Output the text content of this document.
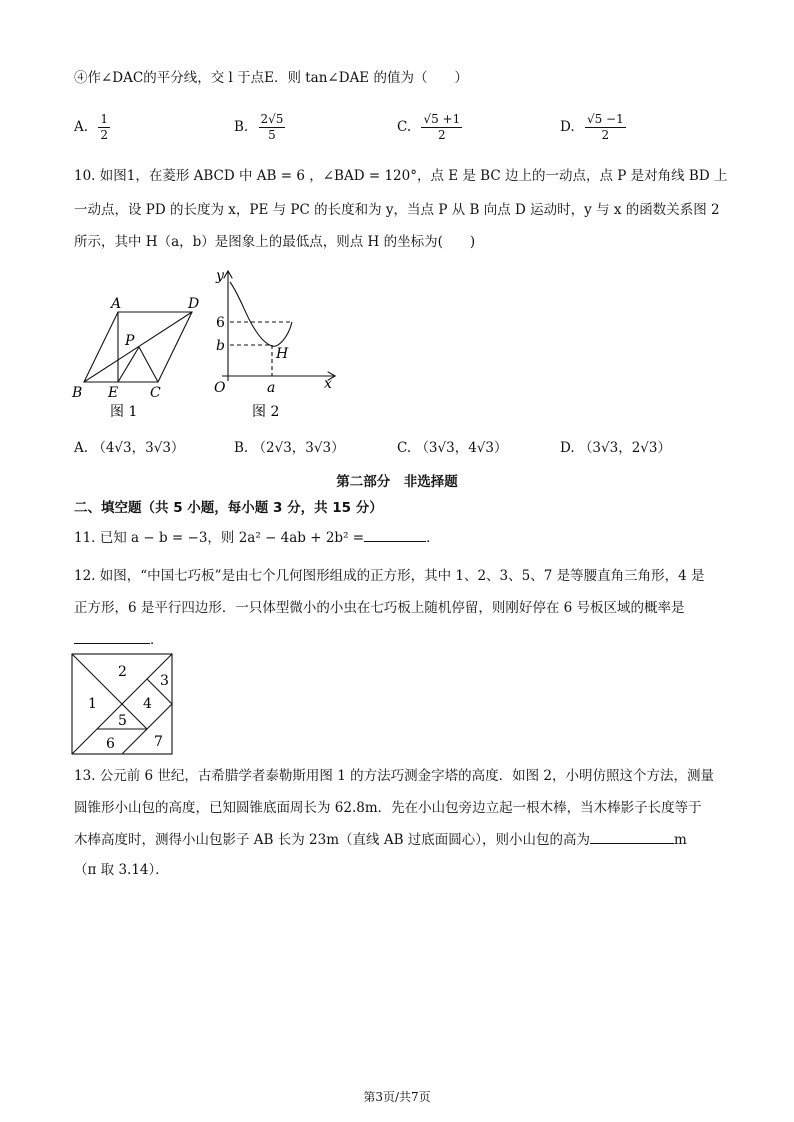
④作∠DAC的平分线，交 l 于点E．则 tan∠DAE 的值为（　　）
A. $\frac{1}{2}$	B. $\frac{2√5}{5}$	C. $\frac{√5 +1}{2}$	D. $\frac{√5 -1}{2}$
10. 如图1，在菱形 ABCD 中 AB = 6 ，∠BAD = 120°，点 E 是 BC 边上的一动点，点 P 是对角线 BD 上
一动点，设 PD 的长度为 x，PE 与 PC 的长度和为 y，当点 P 从 B 向点 D 运动时，y 与 x 的函数关系图 2
所示，其中 H（a，b）是图象上的最低点，则点 H 的坐标为(　　)
A	D
P
B E C
图 1
y
6
b	H
O	a	x
图 2
A. （4√3，3√3）	B. （2√3，3√3）	C. （3√3，4√3）	D. （3√3，2√3）
第二部分　非选择题
二、填空题（共 5 小题，每小题 3 分，共 15 分）
11. 已知 a − b = −3，则 2a² − 4ab + 2b² =	．
12. 如图，“中国七巧板”是由七个几何图形组成的正方形，其中 1、2、3、5、7 是等腰直角三角形，4 是
正方形，6 是平行四边形．一只体型微小的小虫在七巧板上随机停留，则刚好停在 6 号板区域的概率是
．
1
2
3
4
5
6	7
13. 公元前 6 世纪，古希腊学者泰勒斯用图 1 的方法巧测金字塔的高度．如图 2，小明仿照这个方法，测量
圆锥形小山包的高度，已知圆锥底面周长为 62.8m．先在小山包旁边立起一根木棒，当木棒影子长度等于
木棒高度时，测得小山包影子 AB 长为 23m（直线 AB 过底面圆心），则小山包的高为	m
（π 取 3.14）．
第3页/共7页
